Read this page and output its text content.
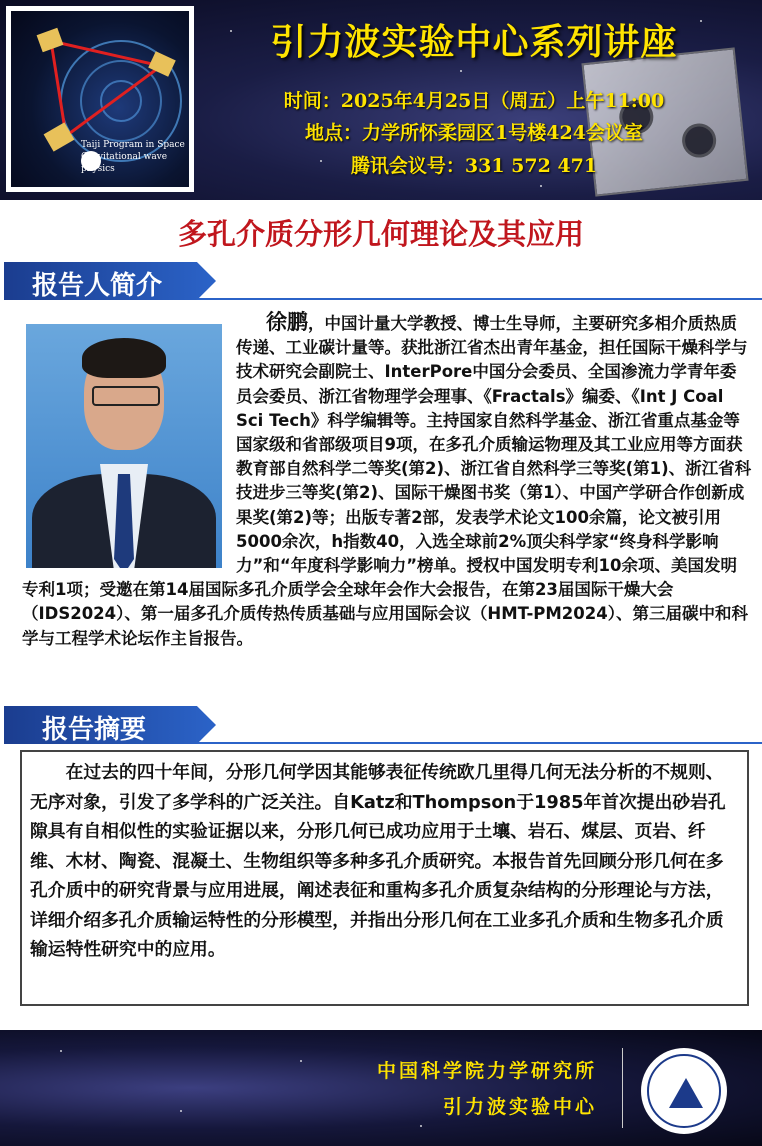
Taiji Program in Space
Gravitational wave physics
引力波实验中心系列讲座
时间：2025年4月25日（周五）上午11:00
地点：力学所怀柔园区1号楼424会议室
腾讯会议号：331 572 471
多孔介质分形几何理论及其应用
报告人简介
徐鹏，中国计量大学教授、博士生导师，主要研究多相介质热质传递、工业碳计量等。获批浙江省杰出青年基金，担任国际干燥科学与技术研究会副院士、InterPore中国分会委员、全国渗流力学青年委员会委员、浙江省物理学会理事、《Fractals》编委、《Int J Coal Sci Tech》科学编辑等。主持国家自然科学基金、浙江省重点基金等国家级和省部级项目9项，在多孔介质输运物理及其工业应用等方面获教育部自然科学二等奖(第2)、浙江省自然科学三等奖(第1)、浙江省科技进步三等奖(第2)、国际干燥图书奖（第1）、中国产学研合作创新成果奖(第2)等；出版专著2部，发表学术论文100余篇，论文被引用5000余次，h指数40，入选全球前2%顶尖科学家“终身科学影响力”和“年度科学影响力”榜单。授权中国发明专利10余项、美国发明专利1项；受邀在第14届国际多孔介质学会全球年会作大会报告，在第23届国际干燥大会（IDS2024）、第一届多孔介质传热传质基础与应用国际会议（HMT-PM2024）、第三届碳中和科学与工程学术论坛作主旨报告。
报告摘要
在过去的四十年间，分形几何学因其能够表征传统欧几里得几何无法分析的不规则、无序对象，引发了多学科的广泛关注。自Katz和Thompson于1985年首次提出砂岩孔隙具有自相似性的实验证据以来，分形几何已成功应用于土壤、岩石、煤层、页岩、纤维、木材、陶瓷、混凝土、生物组织等多种多孔介质研究。本报告首先回顾分形几何在多孔介质中的研究背景与应用进展，阐述表征和重构多孔介质复杂结构的分形理论与方法，详细介绍多孔介质输运特性的分形模型，并指出分形几何在工业多孔介质和生物多孔介质输运特性研究中的应用。
中国科学院力学研究所
引力波实验中心
